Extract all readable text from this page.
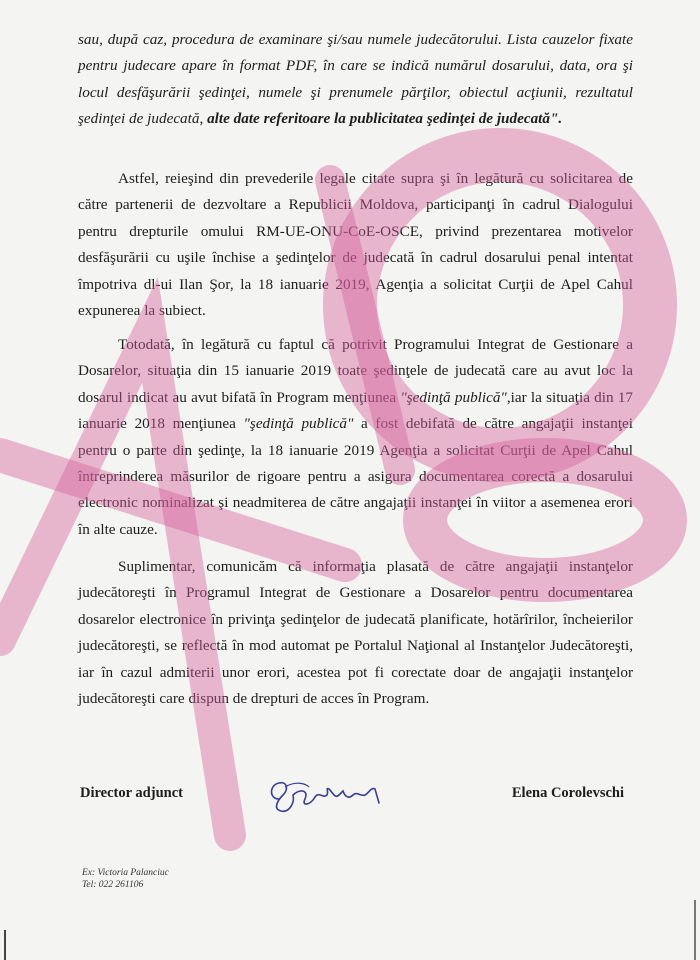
sau, după caz, procedura de examinare şi/sau numele judecătorului. Lista cauzelor fixate pentru judecare apare în format PDF, în care se indică numărul dosarului, data, ora şi locul desfăşurării şedinţei, numele şi prenumele părţilor, obiectul acţiunii, rezultatul şedinţei de judecată, alte date referitoare la publicitatea şedinţei de judecată".
Astfel, reieşind din prevederile legale citate supra şi în legătură cu solicitarea de către partenerii de dezvoltare a Republicii Moldova, participanţi în cadrul Dialogului pentru drepturile omului RM-UE-ONU-CoE-OSCE, privind prezentarea motivelor desfăşurării cu uşile închise a şedinţelor de judecată în cadrul dosarului penal intentat împotriva dl-ui Ilan Şor, la 18 ianuarie 2019, Agenţia a solicitat Curţii de Apel Cahul expunerea la subiect.
Totodată, în legătură cu faptul că potrivit Programului Integrat de Gestionare a Dosarelor, situaţia din 15 ianuarie 2019 toate şedinţele de judecată care au avut loc la dosarul indicat au avut bifată în Program menţiunea "şedinţă publică",iar la situaţia din 17 ianuarie 2018 menţiunea "şedinţă publică" a fost debifată de către angajaţii instanţei pentru o parte din şedinţe, la 18 ianuarie 2019 Agenţia a solicitat Curţii de Apel Cahul întreprinderea măsurilor de rigoare pentru a asigura documentarea corectă a dosarului electronic nominalizat şi neadmiterea de către angajaţii instanţei în viitor a asemenea erori în alte cauze.
Suplimentar, comunicăm că informaţia plasată de către angajaţii instanţelor judecătoreşti în Programul Integrat de Gestionare a Dosarelor pentru documentarea dosarelor electronice în privinţa şedinţelor de judecată planificate, hotărîrilor, încheierilor judecătoreşti, se reflectă în mod automat pe Portalul Naţional al Instanţelor Judecătoreşti, iar în cazul admiterii unor erori, acestea pot fi corectate doar de angajaţii instanţelor judecătoreşti care dispun de drepturi de acces în Program.
Director adjunct	Elena Corolevschi
Ex: Victoria Palanciuc
Tel: 022 261106
